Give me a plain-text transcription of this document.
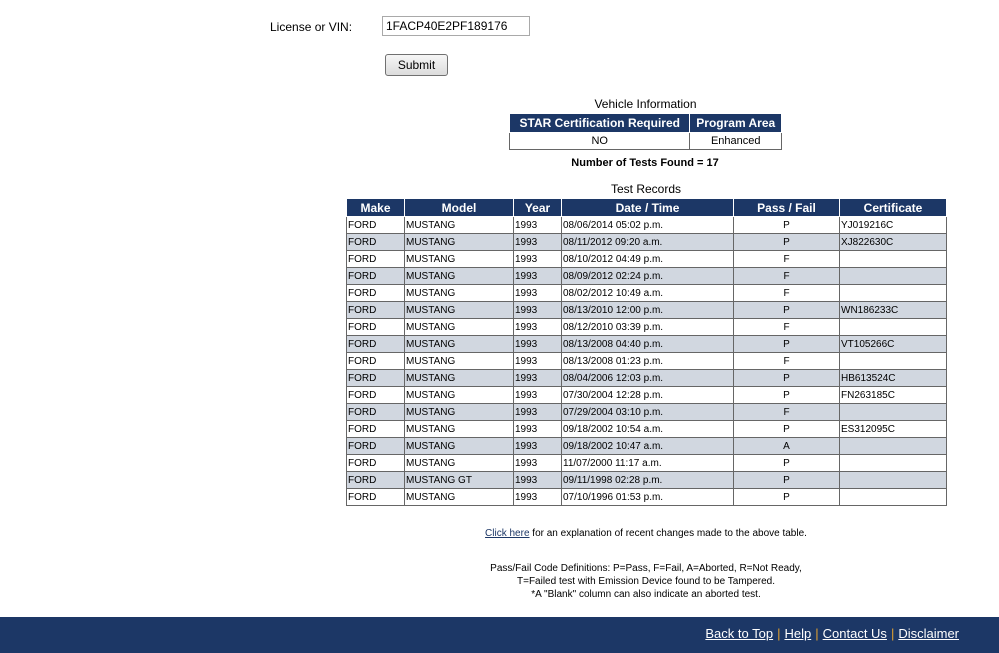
License or VIN:
1FACP40E2PF189176
Submit
Vehicle Information
STAR Certification Required	Program Area
NO	Enhanced
Number of Tests Found = 17
Test Records
Make	Model	Year	Date / Time	Pass / Fail	Certificate
FORD	MUSTANG	1993	08/06/2014 05:02 p.m.	P	YJ019216C
FORD	MUSTANG	1993	08/11/2012 09:20 a.m.	P	XJ822630C
FORD	MUSTANG	1993	08/10/2012 04:49 p.m.	F	
FORD	MUSTANG	1993	08/09/2012 02:24 p.m.	F	
FORD	MUSTANG	1993	08/02/2012 10:49 a.m.	F	
FORD	MUSTANG	1993	08/13/2010 12:00 p.m.	P	WN186233C
FORD	MUSTANG	1993	08/12/2010 03:39 p.m.	F	
FORD	MUSTANG	1993	08/13/2008 04:40 p.m.	P	VT105266C
FORD	MUSTANG	1993	08/13/2008 01:23 p.m.	F	
FORD	MUSTANG	1993	08/04/2006 12:03 p.m.	P	HB613524C
FORD	MUSTANG	1993	07/30/2004 12:28 p.m.	P	FN263185C
FORD	MUSTANG	1993	07/29/2004 03:10 p.m.	F	
FORD	MUSTANG	1993	09/18/2002 10:54 a.m.	P	ES312095C
FORD	MUSTANG	1993	09/18/2002 10:47 a.m.	A	
FORD	MUSTANG	1993	11/07/2000 11:17 a.m.	P	
FORD	MUSTANG GT	1993	09/11/1998 02:28 p.m.	P	
FORD	MUSTANG	1993	07/10/1996 01:53 p.m.	P	
Click here for an explanation of recent changes made to the above table.
Pass/Fail Code Definitions: P=Pass, F=Fail, A=Aborted, R=Not Ready,
T=Failed test with Emission Device found to be Tampered.
*A "Blank" column can also indicate an aborted test.
Back to Top | Help | Contact Us | Disclaimer
